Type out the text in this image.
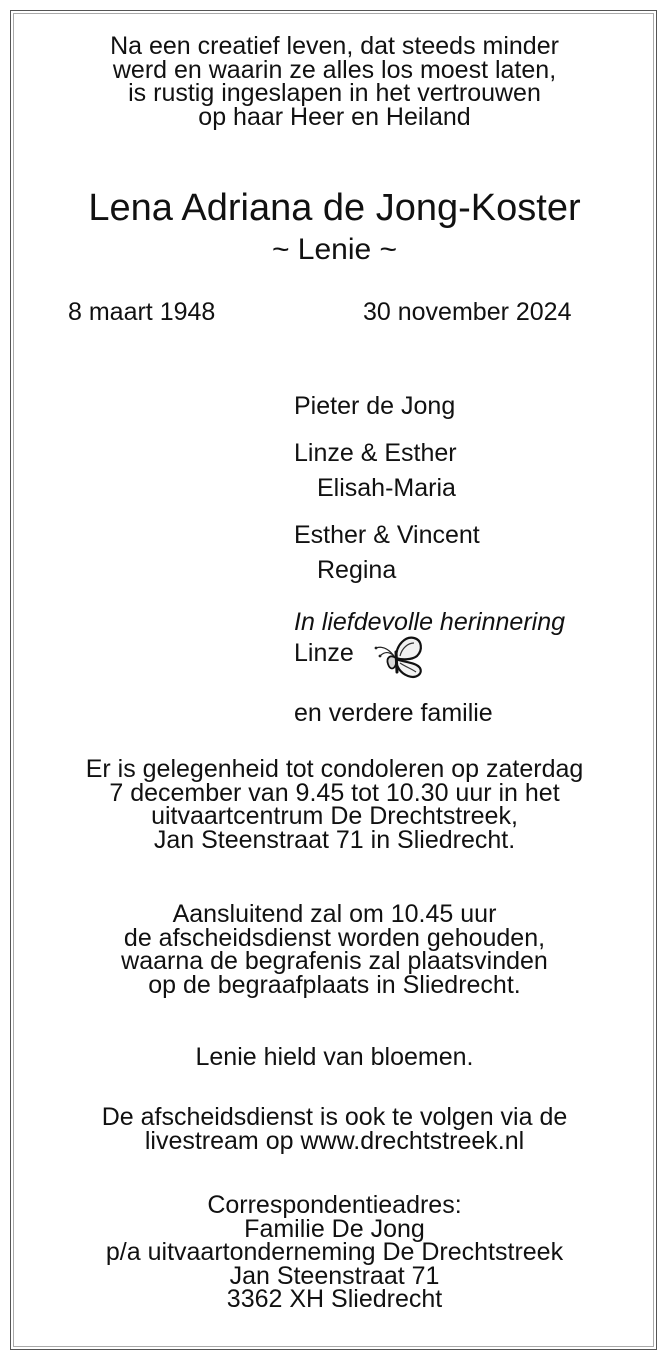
Na een creatief leven, dat steeds minder
werd en waarin ze alles los moest laten,
is rustig ingeslapen in het vertrouwen
op haar Heer en Heiland
Lena Adriana de Jong-Koster
~ Lenie ~
8 maart 1948	30 november 2024
Pieter de Jong
Linze & Esther
Elisah-Maria
Esther & Vincent
Regina
In liefdevolle herinnering
Linze
en verdere familie
Er is gelegenheid tot condoleren op zaterdag
7 december van 9.45 tot 10.30 uur in het
uitvaartcentrum De Drechtstreek,
Jan Steenstraat 71 in Sliedrecht.
Aansluitend zal om 10.45 uur
de afscheidsdienst worden gehouden,
waarna de begrafenis zal plaatsvinden
op de begraafplaats in Sliedrecht.
Lenie hield van bloemen.
De afscheidsdienst is ook te volgen via de
livestream op www.drechtstreek.nl
Correspondentieadres:
Familie De Jong
p/a uitvaartonderneming De Drechtstreek
Jan Steenstraat 71
3362 XH Sliedrecht
